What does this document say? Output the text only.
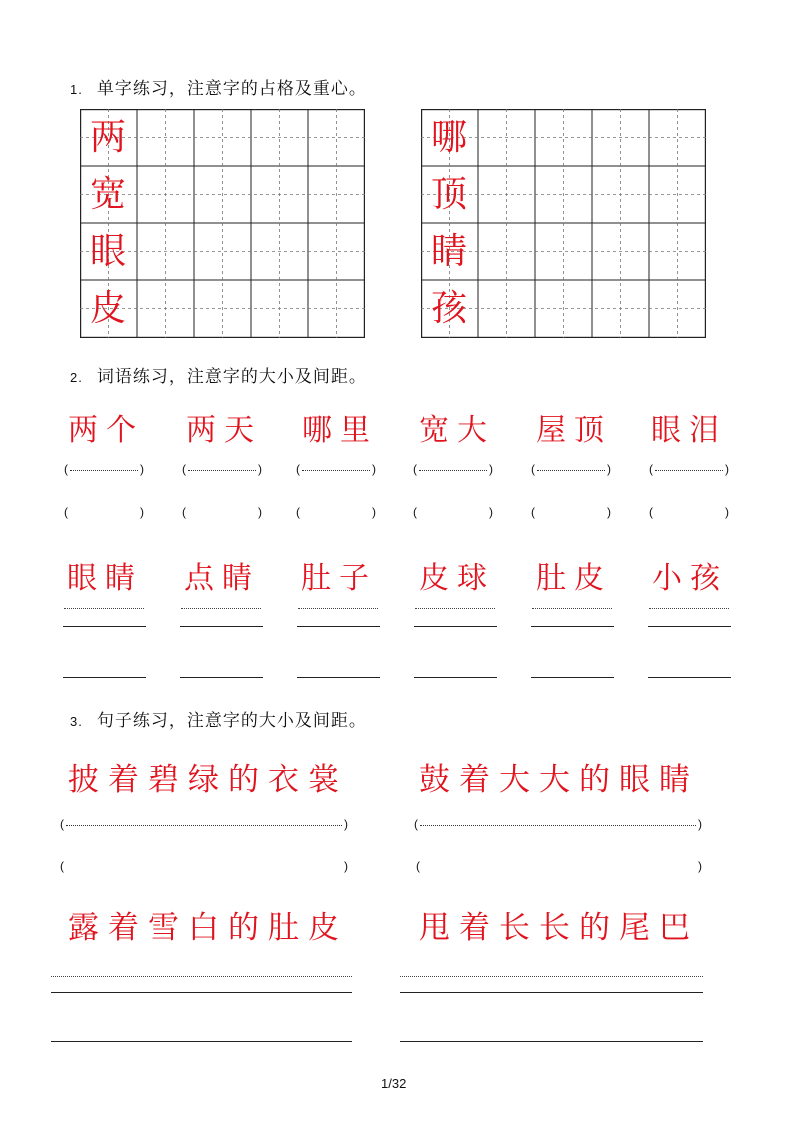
1. 单字练习，注意字的占格及重心。
两
宽
眼
皮
哪
顶
睛
孩
2. 词语练习，注意字的大小及间距。
两个 两天 哪里 宽大 屋顶 眼泪
(	)	(	)	(	)	(	)	(	)	(	)
(	)	(	)	(	)	(	)	(	)	(	)
眼睛 点睛 肚子 皮球 肚皮 小孩
3. 句子练习，注意字的大小及间距。
披着碧绿的衣裳 鼓着大大的眼睛
(	)	(	)
(	)	(	)
露着雪白的肚皮 甩着长长的尾巴
1/32
